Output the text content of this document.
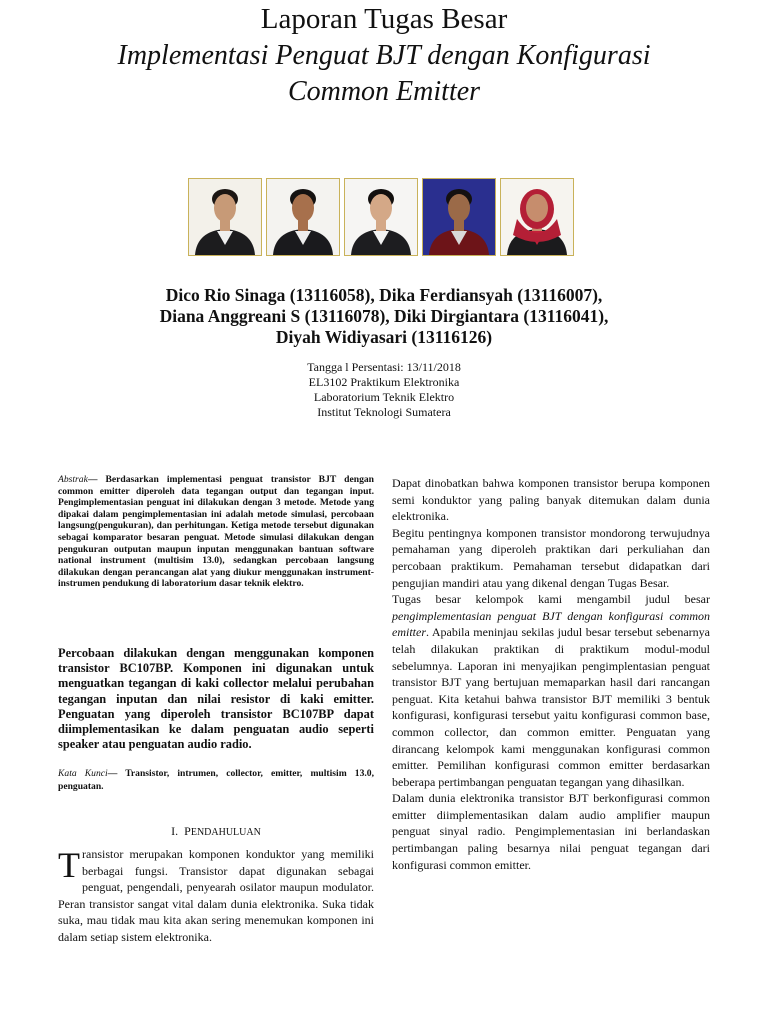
Laporan Tugas Besar
Implementasi Penguat BJT dengan Konfigurasi
Common Emitter
Dico Rio Sinaga (13116058), Dika Ferdiansyah (13116007),
Diana Anggreani S (13116078), Diki Dirgiantara (13116041),
Diyah Widiyasari (13116126)
Tangga l Persentasi: 13/11/2018
EL3102 Praktikum Elektronika
Laboratorium Teknik Elektro
Institut Teknologi Sumatera
Abstrak— Berdasarkan implementasi penguat transistor BJT dengan common emitter diperoleh data tegangan output dan tegangan input. Pengimplementasian penguat ini dilakukan dengan 3 metode. Metode yang dipakai dalam pengimplementasian ini adalah metode simulasi, percobaan langsung(pengukuran), dan perhitungan. Ketiga metode tersebut digunakan sebagai komparator besaran penguat. Metode simulasi dilakukan dengan pengukuran outputan maupun inputan menggunakan bantuan software national instrument (multisim 13.0), sedangkan percobaan langsung dilakukan dengan perancangan alat yang diukur menggunakan instrument-instrumen pendukung di laboratorium dasar teknik elektro.
Percobaan dilakukan dengan menggunakan komponen transistor BC107BP. Komponen ini digunakan untuk menguatkan tegangan di kaki collector melalui perubahan tegangan inputan dan nilai resistor di kaki emitter. Penguatan yang diperoleh transistor BC107BP dapat diimplementasikan ke dalam penguatan audio seperti speaker atau penguatan audio radio.
Kata Kunci— Transistor, intrumen, collector, emitter, multisim 13.0, penguatan.
I. PENDAHULUAN
Transistor merupakan komponen konduktor yang memiliki berbagai fungsi. Transistor dapat digunakan sebagai penguat, pengendali, penyearah osilator maupun modulator. Peran transistor sangat vital dalam dunia elektronika. Suka tidak suka, mau tidak mau kita akan sering menemukan komponen ini dalam setiap sistem elektronika.

Dapat dinobatkan bahwa komponen transistor berupa komponen semi konduktor yang paling banyak ditemukan dalam dunia elektronika.

Begitu pentingnya komponen transistor mondorong terwujudnya pemahaman yang diperoleh praktikan dari perkuliahan dan percobaan praktikum. Pemahaman tersebut didapatkan dari pengujian mandiri atau yang dikenal dengan Tugas Besar.

Tugas besar kelompok kami mengambil judul besar pengimplementasian penguat BJT dengan konfigurasi common emitter. Apabila meninjau sekilas judul besar tersebut sebenarnya telah dilakukan praktikan di praktikum modul-modul sebelumnya. Laporan ini menyajikan pengimplentasian penguat transistor BJT yang bertujuan memaparkan hasil dari rancangan penguat. Kita ketahui bahwa transistor BJT memiliki 3 bentuk konfigurasi, konfigurasi tersebut yaitu konfigurasi common base, common collector, dan common emitter. Penguatan yang dirancang kelompok kami menggunakan konfigurasi common emitter. Pemilihan konfigurasi common emitter berdasarkan beberapa pertimbangan penguatan tegangan yang dihasilkan.

Dalam dunia elektronika transistor BJT berkonfigurasi common emitter diimplementasikan dalam audio amplifier maupun penguat sinyal radio. Pengimplementasian ini berlandaskan pertimbangan paling besarnya nilai penguat tegangan dari konfigurasi common emitter.
